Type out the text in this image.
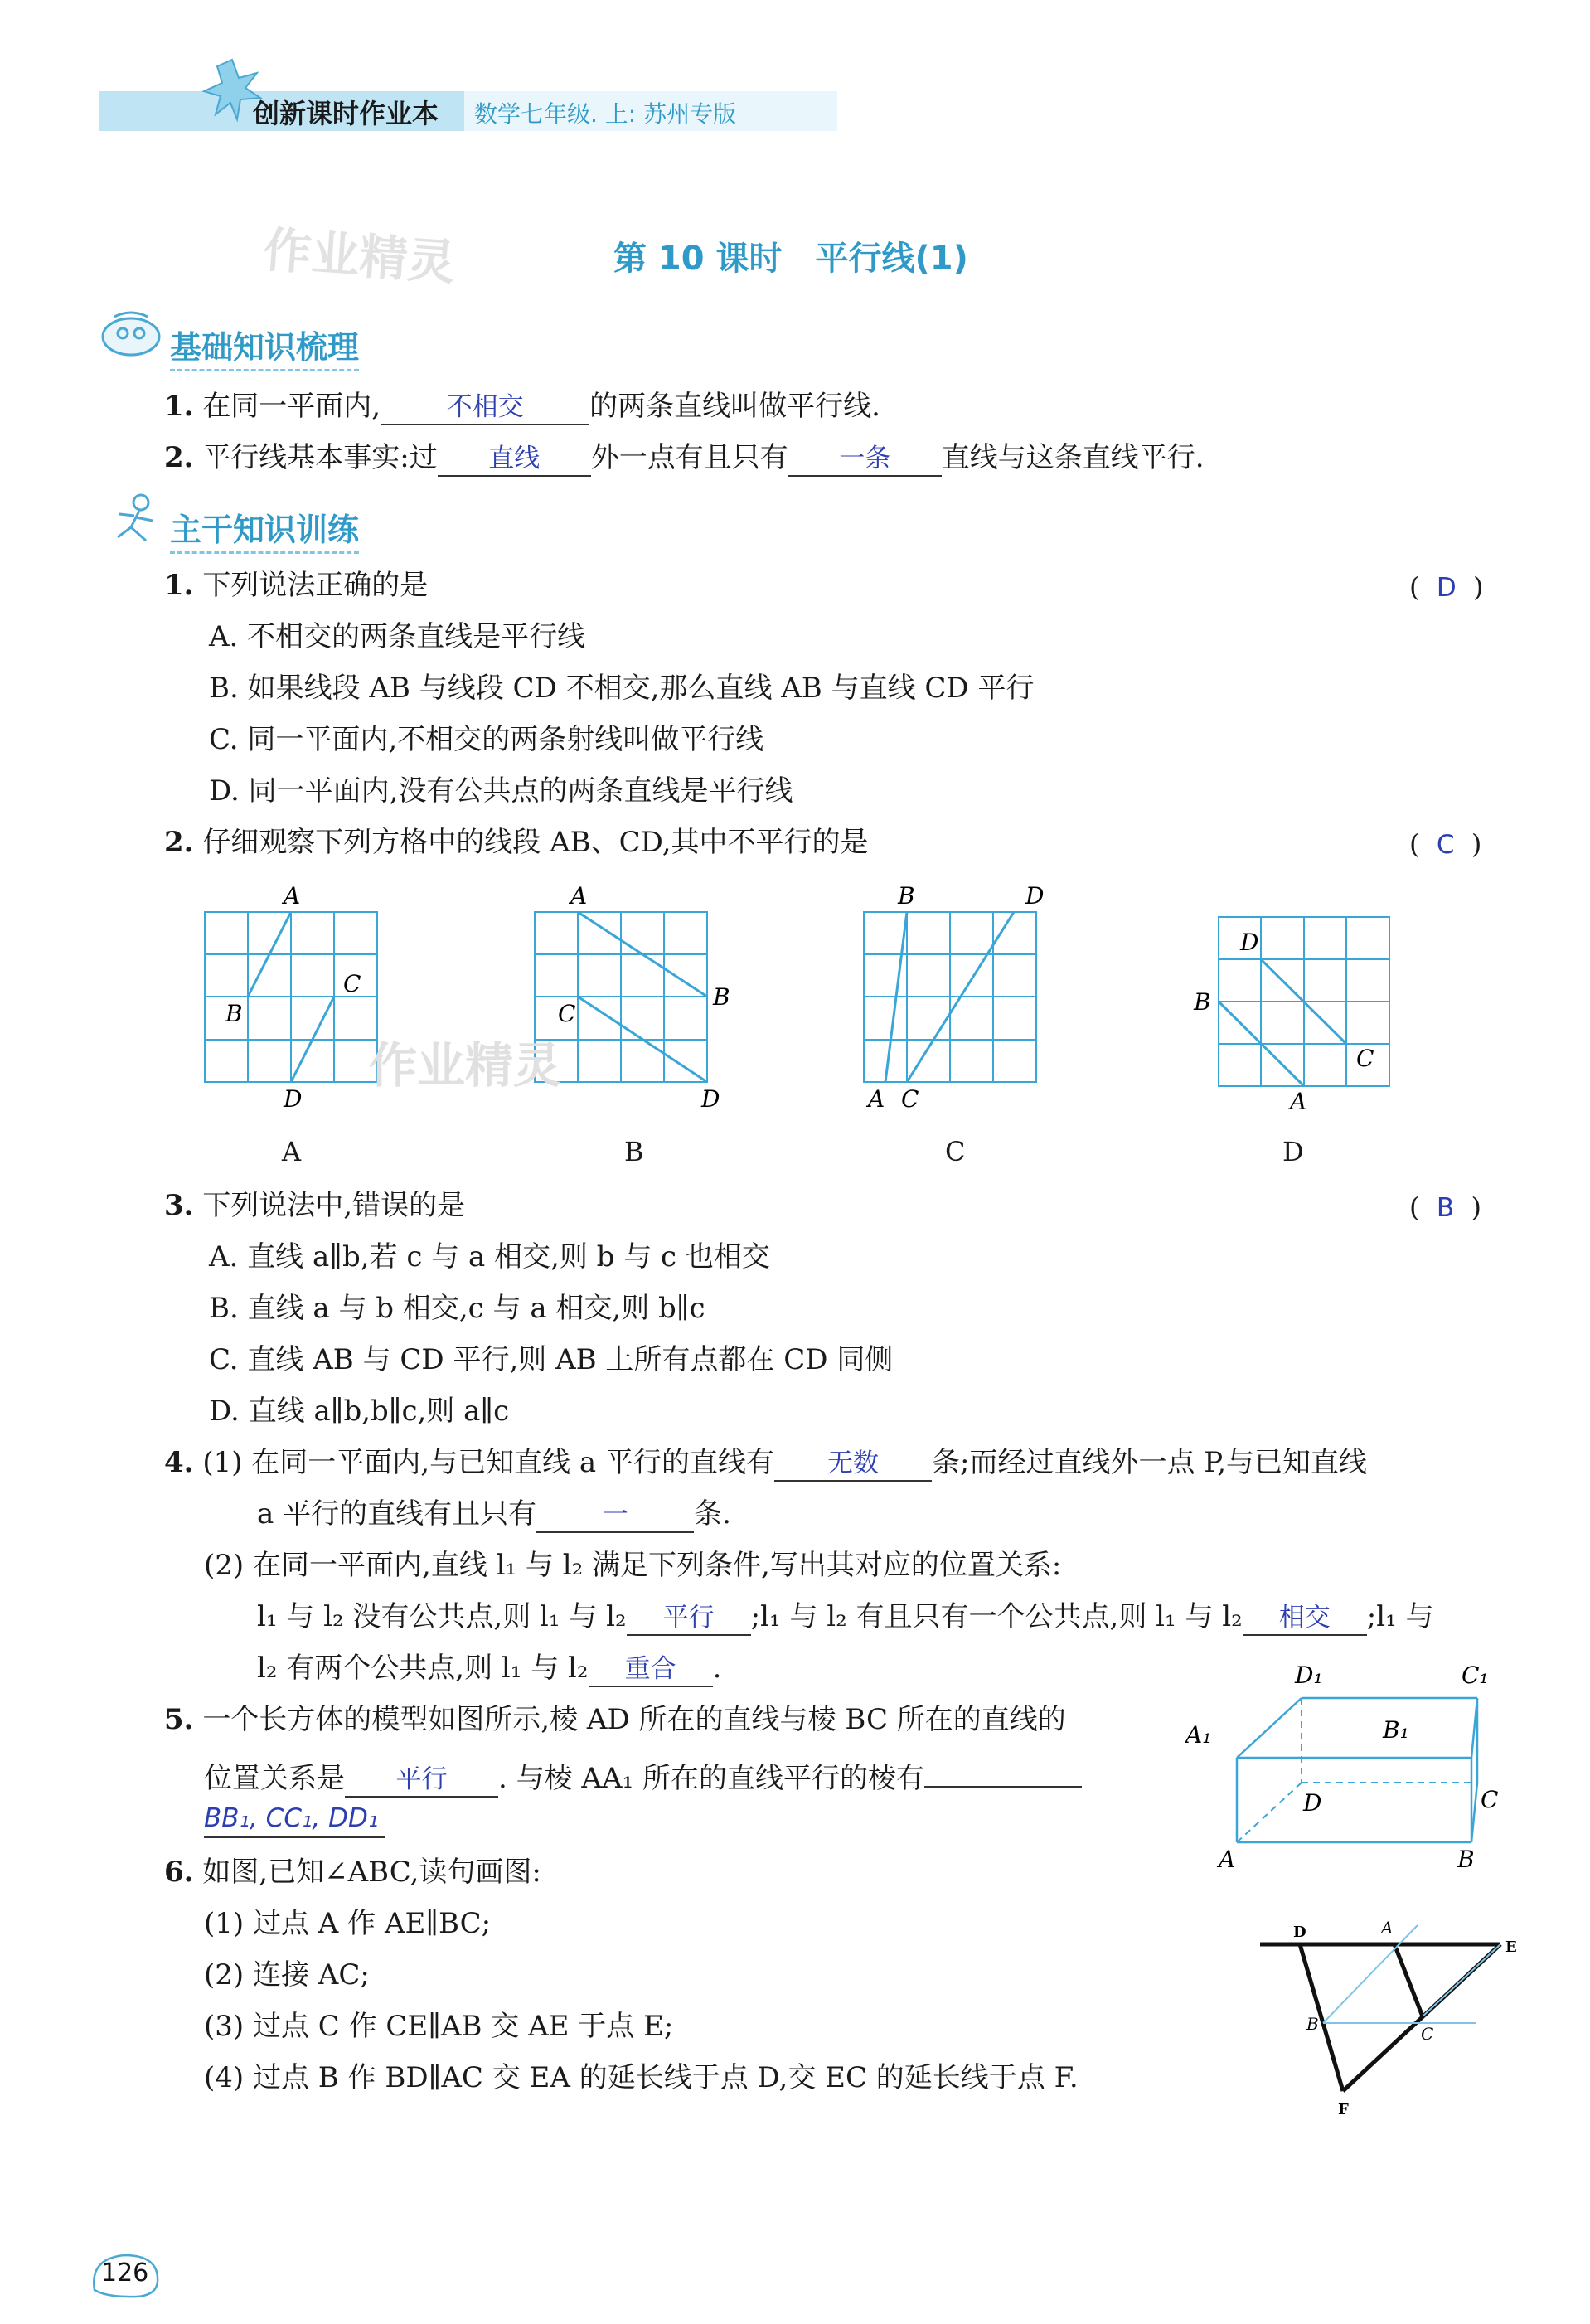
创新课时作业本 数学七年级. 上: 苏州专版
作业精灵	第 10 课时　平行线(1)
基础知识梳理
1. 在同一平面内,	不相交 的两条直线叫做平行线.
2. 平行线基本事实:过 直线 外一点有且只有 一条 直线与这条直线平行.
主干知识训练
1. 下列说法正确的是	(  D  )
A. 不相交的两条直线是平行线
B. 如果线段 AB 与线段 CD 不相交,那么直线 AB 与直线 CD 平行
C. 同一平面内,不相交的两条射线叫做平行线
D. 同一平面内,没有公共点的两条直线是平行线
2. 仔细观察下列方格中的线段 AB、CD,其中不平行的是	(  C  )
A
B
C
D
A
A
B
C
D
B
B	D
A C
C
D
B
C
A
D
作业精灵
3. 下列说法中,错误的是	(  B  )
A. 直线 a∥b,若 c 与 a 相交,则 b 与 c 也相交
B. 直线 a 与 b 相交,c 与 a 相交,则 b∥c
C. 直线 AB 与 CD 平行,则 AB 上所有点都在 CD 同侧
D. 直线 a∥b,b∥c,则 a∥c
4. (1) 在同一平面内,与已知直线 a 平行的直线有 无数 条;而经过直线外一点 P,与已知直线
a 平行的直线有且只有	一 条.
(2) 在同一平面内,直线 l₁ 与 l₂ 满足下列条件,写出其对应的位置关系:
l₁ 与 l₂ 没有公共点,则 l₁ 与 l₂ 平行 ;l₁ 与 l₂ 有且只有一个公共点,则 l₁ 与 l₂ 相交 ;l₁ 与
l₂ 有两个公共点,则 l₁ 与 l₂ 重合 .
5. 一个长方体的模型如图所示,棱 AD 所在的直线与棱 BC 所在的直线的
位置关系是 平行 . 与棱 AA₁ 所在的直线平行的棱有
BB₁, CC₁, DD₁
D₁	C₁
A₁	B₁
D	C
A	B
6. 如图,已知∠ABC,读句画图:
(1) 过点 A 作 AE∥BC;
(2) 连接 AC;
(3) 过点 C 作 CE∥AB 交 AE 于点 E;
(4) 过点 B 作 BD∥AC 交 EA 的延长线于点 D,交 EC 的延长线于点 F.
D	A
E
B	C
F
126
